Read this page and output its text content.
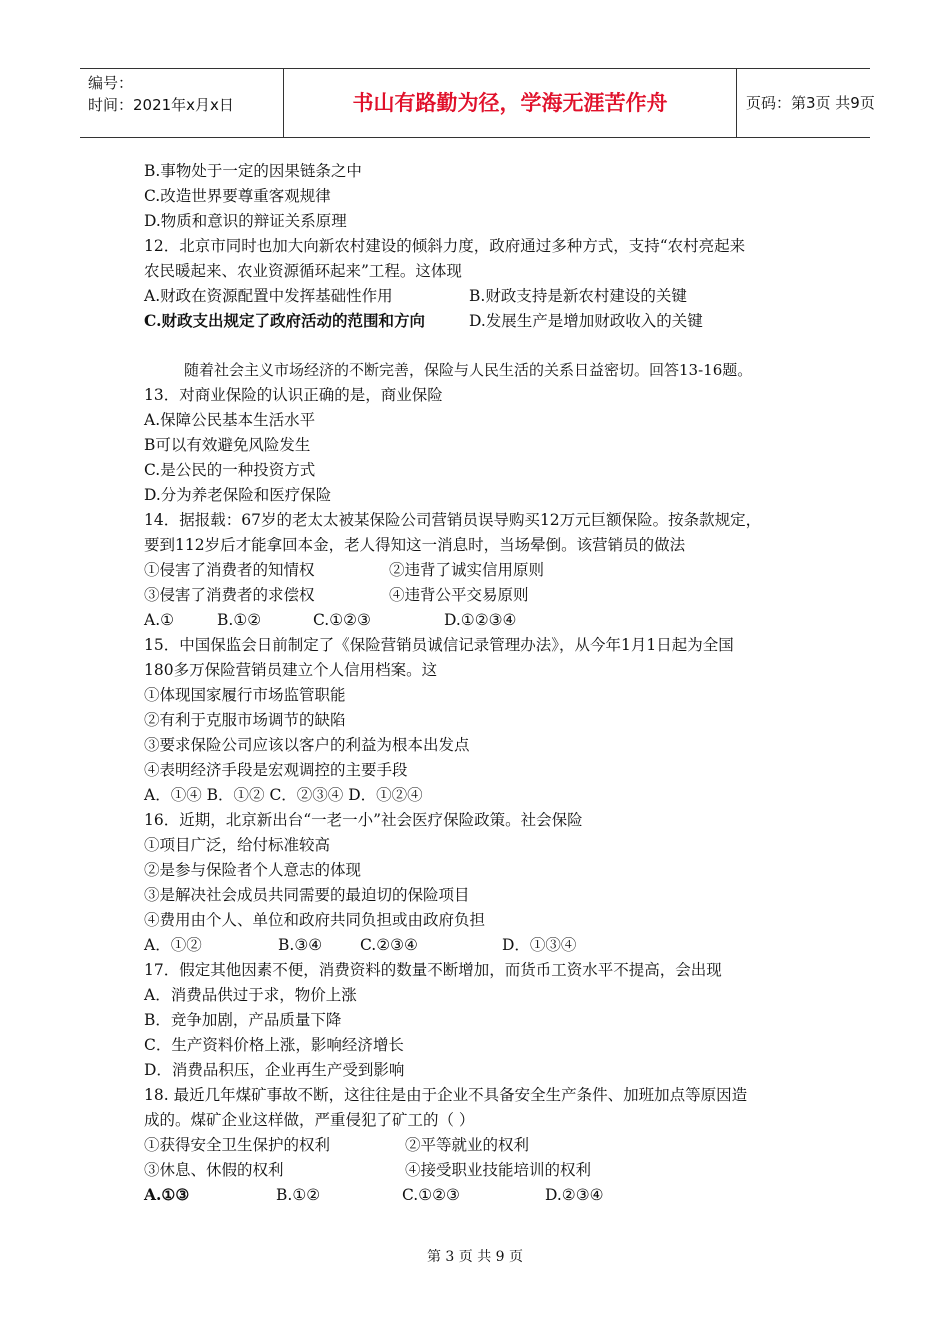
编号：
时间：2021年x月x日	书山有路勤为径，学海无涯苦作舟	页码：第3页 共9页
B.事物处于一定的因果链条之中
C.改造世界要尊重客观规律
D.物质和意识的辩证关系原理
12．北京市同时也加大向新农村建设的倾斜力度，政府通过多种方式，支持“农村亮起来
农民暖起来、农业资源循环起来”工程。这体现
A.财政在资源配置中发挥基础性作用	B.财政支持是新农村建设的关键
C.财政支出规定了政府活动的范围和方向	D.发展生产是增加财政收入的关键
随着社会主义市场经济的不断完善，保险与人民生活的关系日益密切。回答13-16题。
13．对商业保险的认识正确的是，商业保险
A.保障公民基本生活水平
B可以有效避免风险发生
C.是公民的一种投资方式
D.分为养老保险和医疗保险
14．据报载：67岁的老太太被某保险公司营销员误导购买12万元巨额保险。按条款规定，
要到112岁后才能拿回本金，老人得知这一消息时，当场晕倒。该营销员的做法
①侵害了消费者的知情权	②违背了诚实信用原则
③侵害了消费者的求偿权	④违背公平交易原则
A.①	B.①②	C.①②③	D.①②③④
15．中国保监会日前制定了《保险营销员诚信记录管理办法》，从今年1月1日起为全国
180多万保险营销员建立个人信用档案。这
①体现国家履行市场监管职能
②有利于克服市场调节的缺陷
③要求保险公司应该以客户的利益为根本出发点
④表明经济手段是宏观调控的主要手段
A．①④ B．①② C．②③④ D．①②④
16．近期，北京新出台“一老一小”社会医疗保险政策。社会保险
①项目广泛，给付标准较高
②是参与保险者个人意志的体现
③是解决社会成员共同需要的最迫切的保险项目
④费用由个人、单位和政府共同负担或由政府负担
A．①②	B.③④ C.②③④	D．①③④
17．假定其他因素不便，消费资料的数量不断增加，而货币工资水平不提高，会出现
A．消费品供过于求，物价上涨
B．竞争加剧，产品质量下降
C．生产资料价格上涨，影响经济增长
D．消费品积压，企业再生产受到影响
18. 最近几年煤矿事故不断，这往往是由于企业不具备安全生产条件、加班加点等原因造
成的。煤矿企业这样做，严重侵犯了矿工的（ ）
①获得安全卫生保护的权利	②平等就业的权利
③休息、休假的权利	④接受职业技能培训的权利
A.①③	B.①②	C.①②③	D.②③④
第 3 页 共 9 页
